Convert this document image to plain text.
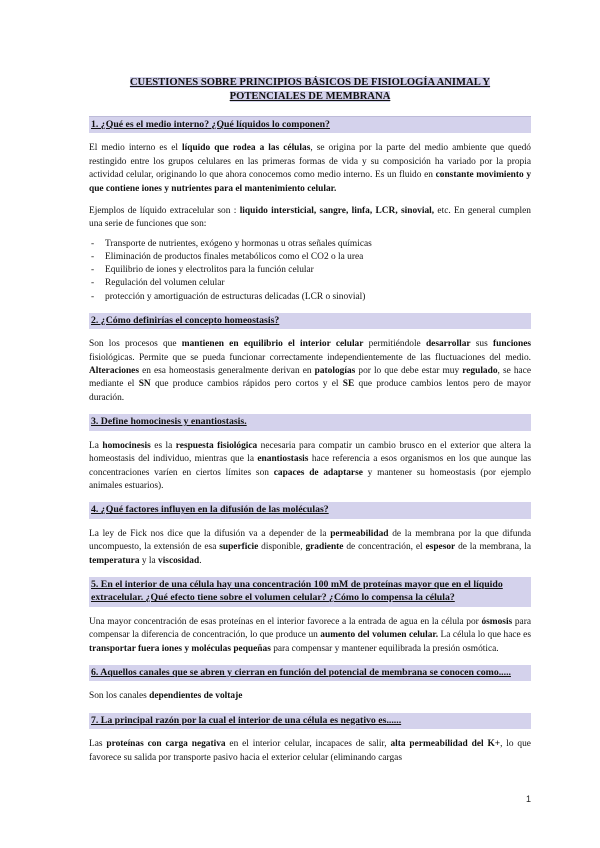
CUESTIONES SOBRE PRINCIPIOS BÁSICOS DE FISIOLOGÍA ANIMAL Y
POTENCIALES DE MEMBRANA
1. ¿Qué es el medio interno? ¿Qué líquidos lo componen?

El medio interno es el líquido que rodea a las células, se origina por la parte del medio ambiente que quedó restingido entre los grupos celulares en las primeras formas de vida y su composición ha variado por la propia actividad celular, originando lo que ahora conocemos como medio interno. Es un fluido en constante movimiento y que contiene iones y nutrientes para el mantenimiento celular.

Ejemplos de líquido extracelular son : liquido intersticial, sangre, linfa, LCR, sinovial, etc. En general cumplen una serie de funciones que son:

- Transporte de nutrientes, exógeno y hormonas u otras señales químicas
- Eliminación de productos finales metabólicos como el CO2 o la urea
- Equilibrio de iones y electrolitos para la función celular
- Regulación del volumen celular
- protección y amortiguación de estructuras delicadas (LCR o sinovial)
2. ¿Cómo definirías el concepto homeostasis?

Son los procesos que mantienen en equilibrio el interior celular permitiéndole desarrollar sus funciones fisiológicas. Permite que se pueda funcionar correctamente independientemente de las fluctuaciones del medio. Alteraciones en esa homeostasis generalmente derivan en patologías por lo que debe estar muy regulado, se hace mediante el SN que produce cambios rápidos pero cortos y el SE que produce cambios lentos pero de mayor duración.

3. Define homocinesis y enantiostasis.

La homocinesis es la respuesta fisiológica necesaria para compatir un cambio brusco en el exterior que altera la homeostasis del individuo, mientras que la enantiostasis hace referencia a esos organismos en los que aunque las concentraciones varíen en ciertos límites son capaces de adaptarse y mantener su homeostasis (por ejemplo animales estuarios).

4. ¿Qué factores influyen en la difusión de las moléculas?

La ley de Fick nos dice que la difusión va a depender de la permeabilidad de la membrana por la que difunda uncompuesto, la extensión de esa superficie disponible, gradiente de concentración, el espesor de la membrana, la temperatura y la viscosidad.

5. En el interior de una célula hay una concentración 100 mM de proteínas mayor que en el líquido extracelular. ¿Qué efecto tiene sobre el volumen celular? ¿Cómo lo compensa la célula?

Una mayor concentración de esas proteínas en el interior favorece a la entrada de agua en la célula por ósmosis para compensar la diferencia de concentración, lo que produce un aumento del volumen celular. La célula lo que hace es transportar fuera iones y moléculas pequeñas para compensar y mantener equilibrada la presión osmótica.

6. Aquellos canales que se abren y cierran en función del potencial de membrana se conocen como.....

Son los canales dependientes de voltaje

7. La principal razón por la cual el interior de una célula es negativo es......

Las proteínas con carga negativa en el interior celular, incapaces de salir, alta permeabilidad del K+, lo que favorece su salida por transporte pasivo hacia el exterior celular (eliminando cargas

1
